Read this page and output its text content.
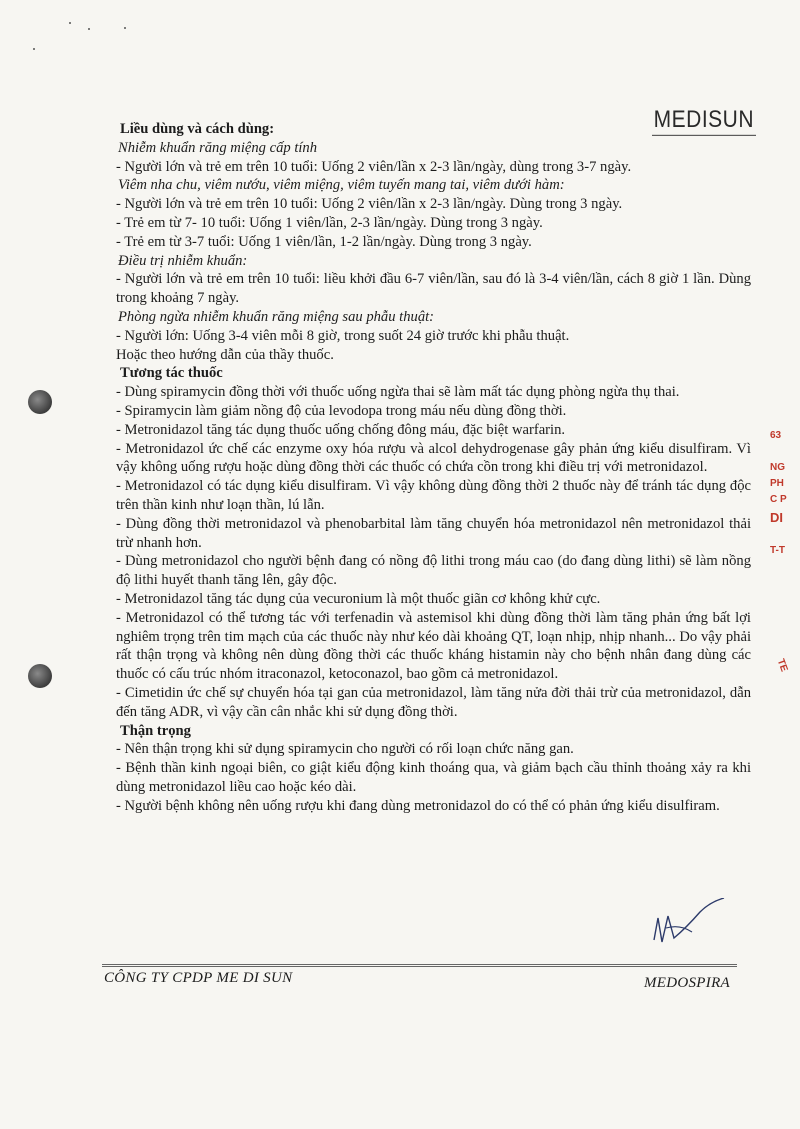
MEDISUN

Liều dùng và cách dùng:

Nhiễm khuẩn răng miệng cấp tính

- Người lớn và trẻ em trên 10 tuổi: Uống 2 viên/lần x 2-3 lần/ngày, dùng trong 3-7 ngày.

Viêm nha chu, viêm nướu, viêm miệng, viêm tuyến mang tai, viêm dưới hàm:

- Người lớn và trẻ em trên 10 tuổi: Uống 2 viên/lần x 2-3 lần/ngày. Dùng trong 3 ngày.

- Trẻ em từ 7- 10 tuổi: Uống 1 viên/lần, 2-3 lần/ngày. Dùng trong 3 ngày.

- Trẻ em từ 3-7 tuổi: Uống 1 viên/lần, 1-2 lần/ngày. Dùng trong 3 ngày.

Điều trị nhiễm khuẩn:

- Người lớn và trẻ em trên 10 tuổi: liều khởi đầu 6-7 viên/lần, sau đó là 3-4 viên/lần, cách 8 giờ 1 lần. Dùng trong khoảng 7 ngày.

Phòng ngừa nhiễm khuẩn răng miệng sau phẫu thuật:

- Người lớn: Uống 3-4 viên mỗi 8 giờ, trong suốt 24 giờ trước khi phẫu thuật.

Hoặc theo hướng dẫn của thầy thuốc.

Tương tác thuốc

- Dùng spiramycin đồng thời với thuốc uống ngừa thai sẽ làm mất tác dụng phòng ngừa thụ thai.

- Spiramycin làm giảm nồng độ của levodopa trong máu nếu dùng đồng thời.

- Metronidazol tăng tác dụng thuốc uống chống đông máu, đặc biệt warfarin.

- Metronidazol ức chế các enzyme oxy hóa rượu và alcol dehydrogenase gây phản ứng kiểu disulfiram. Vì vậy không uống rượu hoặc dùng đồng thời các thuốc có chứa cồn trong khi điều trị với metronidazol.

- Metronidazol có tác dụng kiểu disulfiram. Vì vậy không dùng đồng thời 2 thuốc này để tránh tác dụng độc trên thần kinh như loạn thần, lú lẫn.

- Dùng đồng thời metronidazol và phenobarbital làm tăng chuyển hóa metronidazol nên metronidazol thải trừ nhanh hơn.

- Dùng metronidazol cho người bệnh đang có nồng độ lithi trong máu cao (do đang dùng lithi) sẽ làm nồng độ lithi huyết thanh tăng lên, gây độc.

- Metronidazol tăng tác dụng của vecuronium là một thuốc giãn cơ không khử cực.

- Metronidazol có thể tương tác với terfenadin và astemisol khi dùng đồng thời làm tăng phản ứng bất lợi nghiêm trọng trên tim mạch của các thuốc này như kéo dài khoảng QT, loạn nhịp, nhịp nhanh... Do vậy phải rất thận trọng và không nên dùng đồng thời các thuốc kháng histamin này cho bệnh nhân đang dùng các thuốc có cấu trúc nhóm itraconazol, ketoconazol, bao gồm cả metronidazol.

- Cimetidin ức chế sự chuyển hóa tại gan của metronidazol, làm tăng nửa đời thải trừ của metronidazol, dẫn đến tăng ADR, vì vậy cần cân nhắc khi sử dụng đồng thời.

Thận trọng

- Nên thận trọng khi sử dụng spiramycin cho người có rối loạn chức năng gan.

- Bệnh thần kinh ngoại biên, co giật kiểu động kinh thoáng qua, và giảm bạch cầu thỉnh thoảng xảy ra khi dùng metronidazol liều cao hoặc kéo dài.

- Người bệnh không nên uống rượu khi đang dùng metronidazol do có thể có phản ứng kiểu disulfiram.

63
NG
PH
C P
DI
T-T
TE
CÔNG TY CPDP ME DI SUN	MEDOSPIRA
